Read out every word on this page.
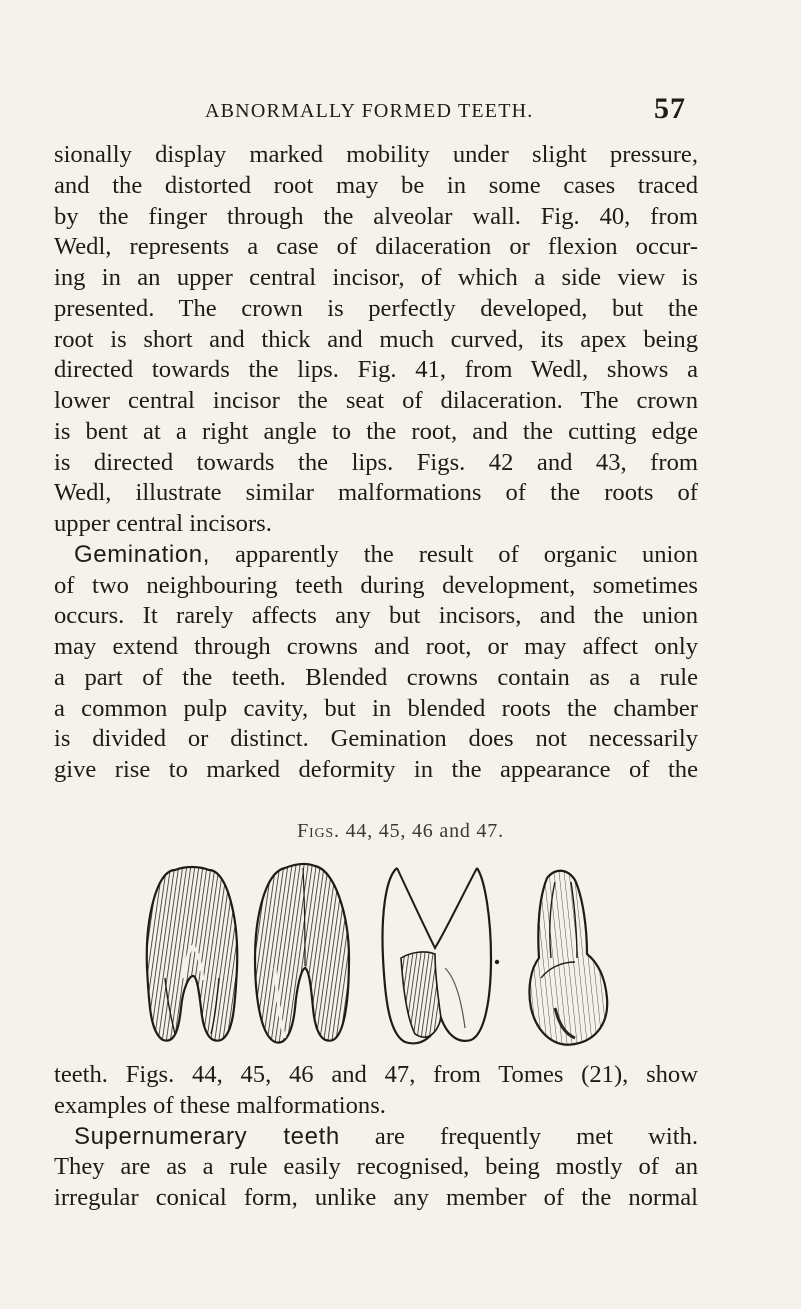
ABNORMALLY FORMED TEETH.	57
sionally display marked mobility under slight pressure,
and the distorted root may be in some cases traced
by the finger through the alveolar wall. Fig. 40, from
Wedl, represents a case of dilaceration or flexion occur-
ing in an upper central incisor, of which a side view is
presented. The crown is perfectly developed, but the
root is short and thick and much curved, its apex being
directed towards the lips. Fig. 41, from Wedl, shows a
lower central incisor the seat of dilaceration. The crown
is bent at a right angle to the root, and the cutting edge
is directed towards the lips. Figs. 42 and 43, from
Wedl, illustrate similar malformations of the roots of
upper central incisors.
Gemination, apparently the result of organic union
of two neighbouring teeth during development, sometimes
occurs. It rarely affects any but incisors, and the union
may extend through crowns and root, or may affect only
a part of the teeth. Blended crowns contain as a rule
a common pulp cavity, but in blended roots the chamber
is divided or distinct. Gemination does not necessarily
give rise to marked deformity in the appearance of the
Figs. 44, 45, 46 and 47.
teeth. Figs. 44, 45, 46 and 47, from Tomes (21), show
examples of these malformations.
Supernumerary teeth are frequently met with.
They are as a rule easily recognised, being mostly of an
irregular conical form, unlike any member of the normal
